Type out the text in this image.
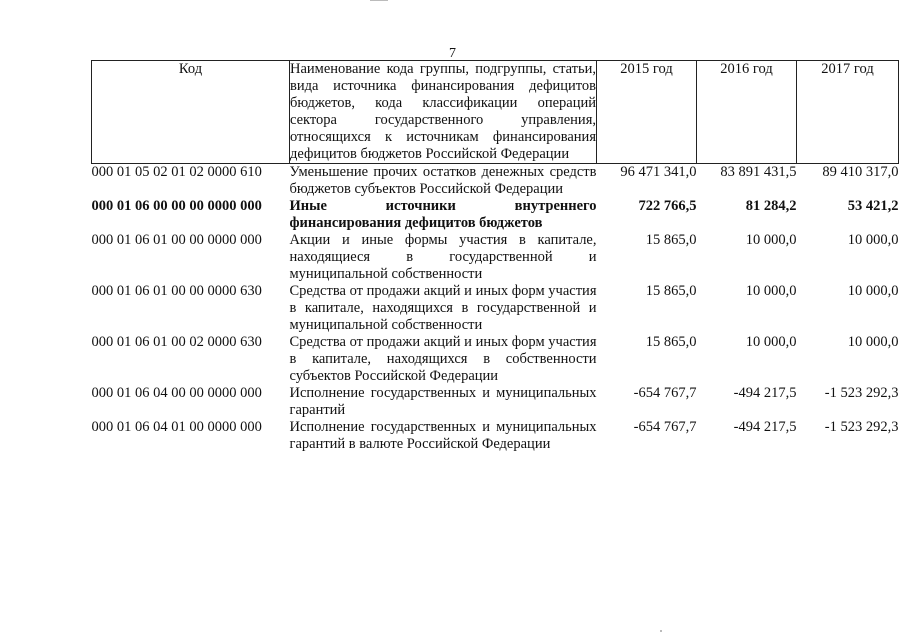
7
Код	Наименование кода группы, подгруппы, статьи, вида источника финансирования дефицитов бюджетов, кода классификации операций сектора государственного управления, относящихся к источникам финансирования дефицитов бюджетов Российской Федерации	2015 год	2016 год	2017 год
000 01 05 02 01 02 0000 610	Уменьшение прочих остатков денежных средств бюджетов субъектов Российской Федерации	96 471 341,0	83 891 431,5	89 410 317,0
000 01 06 00 00 00 0000 000	Иные источники внутреннего финансирования дефицитов бюджетов	722 766,5	81 284,2	53 421,2
000 01 06 01 00 00 0000 000	Акции и иные формы участия в капитале, находящиеся в государственной и муниципальной собственности	15 865,0	10 000,0	10 000,0
000 01 06 01 00 00 0000 630	Средства от продажи акций и иных форм участия в капитале, находящихся в государственной и муниципальной собственности	15 865,0	10 000,0	10 000,0
000 01 06 01 00 02 0000 630	Средства от продажи акций и иных форм участия в капитале, находящихся в собственности субъектов Российской Федерации	15 865,0	10 000,0	10 000,0
000 01 06 04 00 00 0000 000	Исполнение государственных и муниципальных гарантий	-654 767,7	-494 217,5	-1 523 292,3
000 01 06 04 01 00 0000 000	Исполнение государственных и муниципальных гарантий в валюте Российской Федерации	-654 767,7	-494 217,5	-1 523 292,3
